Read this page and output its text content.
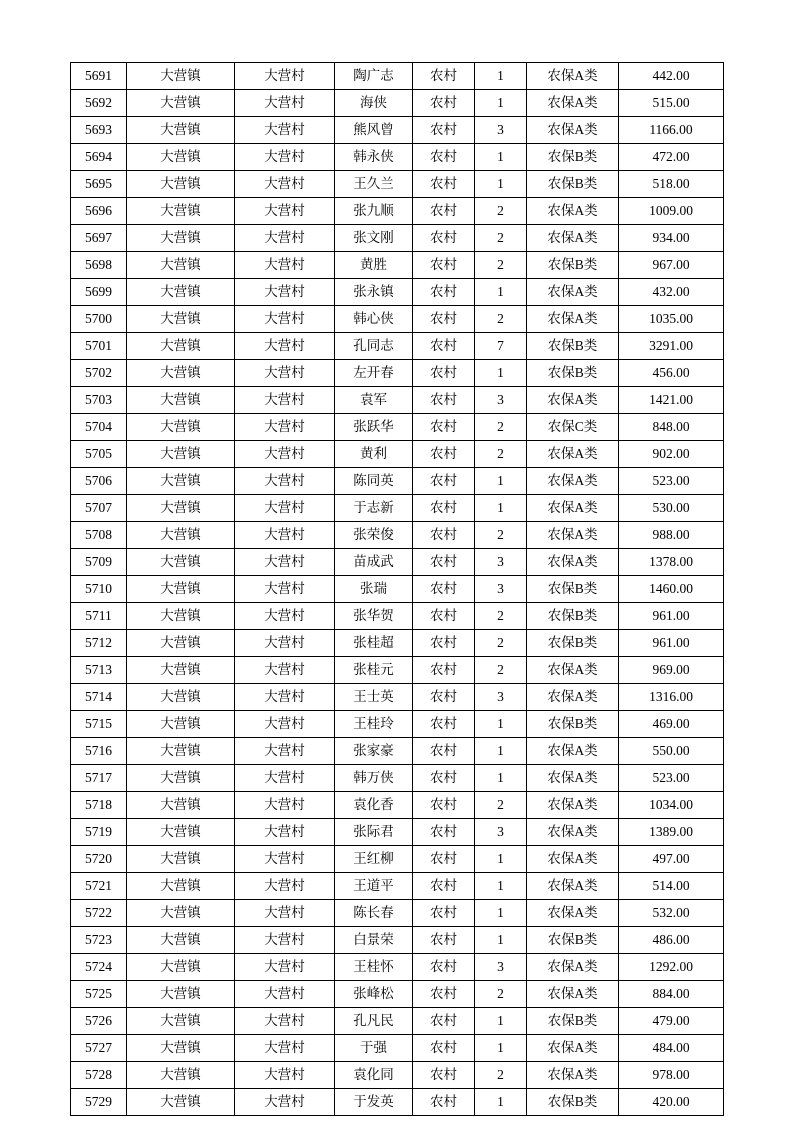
5691	大营镇	大营村	陶广志	农村	1	农保A类	442.00
5692	大营镇	大营村	海侠	农村	1	农保A类	515.00
5693	大营镇	大营村	熊风曾	农村	3	农保A类	1166.00
5694	大营镇	大营村	韩永侠	农村	1	农保B类	472.00
5695	大营镇	大营村	王久兰	农村	1	农保B类	518.00
5696	大营镇	大营村	张九顺	农村	2	农保A类	1009.00
5697	大营镇	大营村	张文刚	农村	2	农保A类	934.00
5698	大营镇	大营村	黄胜	农村	2	农保B类	967.00
5699	大营镇	大营村	张永镇	农村	1	农保A类	432.00
5700	大营镇	大营村	韩心侠	农村	2	农保A类	1035.00
5701	大营镇	大营村	孔同志	农村	7	农保B类	3291.00
5702	大营镇	大营村	左开春	农村	1	农保B类	456.00
5703	大营镇	大营村	袁军	农村	3	农保A类	1421.00
5704	大营镇	大营村	张跃华	农村	2	农保C类	848.00
5705	大营镇	大营村	黄利	农村	2	农保A类	902.00
5706	大营镇	大营村	陈同英	农村	1	农保A类	523.00
5707	大营镇	大营村	于志新	农村	1	农保A类	530.00
5708	大营镇	大营村	张荣俊	农村	2	农保A类	988.00
5709	大营镇	大营村	苗成武	农村	3	农保A类	1378.00
5710	大营镇	大营村	张瑞	农村	3	农保B类	1460.00
5711	大营镇	大营村	张华贺	农村	2	农保B类	961.00
5712	大营镇	大营村	张桂超	农村	2	农保B类	961.00
5713	大营镇	大营村	张桂元	农村	2	农保A类	969.00
5714	大营镇	大营村	王士英	农村	3	农保A类	1316.00
5715	大营镇	大营村	王桂玲	农村	1	农保B类	469.00
5716	大营镇	大营村	张家豪	农村	1	农保A类	550.00
5717	大营镇	大营村	韩万侠	农村	1	农保A类	523.00
5718	大营镇	大营村	袁化香	农村	2	农保A类	1034.00
5719	大营镇	大营村	张际君	农村	3	农保A类	1389.00
5720	大营镇	大营村	王红柳	农村	1	农保A类	497.00
5721	大营镇	大营村	王道平	农村	1	农保A类	514.00
5722	大营镇	大营村	陈长春	农村	1	农保A类	532.00
5723	大营镇	大营村	白景荣	农村	1	农保B类	486.00
5724	大营镇	大营村	王桂怀	农村	3	农保A类	1292.00
5725	大营镇	大营村	张峰松	农村	2	农保A类	884.00
5726	大营镇	大营村	孔凡民	农村	1	农保B类	479.00
5727	大营镇	大营村	于强	农村	1	农保A类	484.00
5728	大营镇	大营村	袁化同	农村	2	农保A类	978.00
5729	大营镇	大营村	于发英	农村	1	农保B类	420.00
